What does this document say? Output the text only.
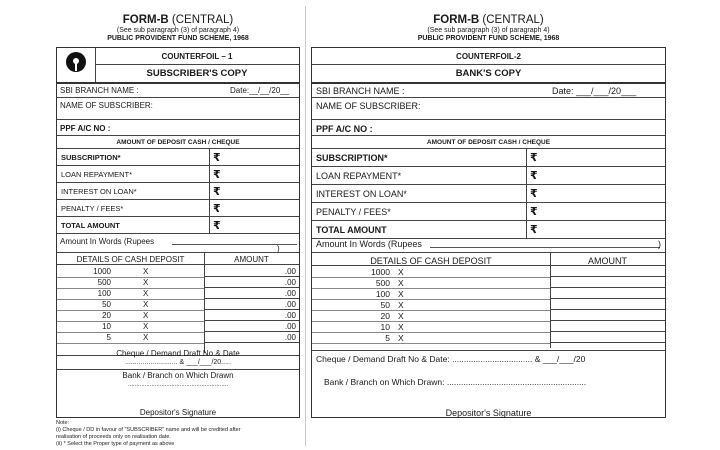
FORM-B (CENTRAL)
(See sub paragraph (3) of paragraph 4)
PUBLIC PROVIDENT FUND SCHEME, 1968
COUNTERFOIL – 1
SUBSCRIBER'S COPY
SBI BRANCH NAME :	Date:__/__/20__
NAME OF SUBSCRIBER:
PPF A/C NO :
AMOUNT OF DEPOSIT CASH / CHEQUE
Amount In Words (Rupees
)
DETAILS OF CASH DEPOSIT	AMOUNT
Cheque / Demand Draft No & Date
........................... & ___/___/20.....
Bank / Branch on Which Drawn
............................................................
Depositor's Signature
SUBSCRIPTION*	₹
LOAN REPAYMENT*	₹
INTEREST ON LOAN*	₹
PENALTY / FEES*	₹
TOTAL AMOUNT	₹
1000	X	.00
500	X	.00
100	X	.00
50	X	.00
20	X	.00
10	X	.00
5	X	.00
Note:
(i) Cheque / DD in favour of "SUBSCRIBER" name and will be credited after
realisation of proceeds only on realisation date.
(ii) * Select the Proper type of payment as above
FORM-B (CENTRAL)
(See sub paragraph (3) of paragraph 4)
PUBLIC PROVIDENT FUND SCHEME, 1968
COUNTERFOIL-2
BANK'S COPY
SBI BRANCH NAME :	Date: ___/___/20___
NAME OF SUBSCRIBER:
PPF A/C NO :
AMOUNT OF DEPOSIT CASH / CHEQUE
Amount In Words (Rupees	)
DETAILS OF CASH DEPOSIT	AMOUNT
Cheque / Demand Draft No & Date: .................................. & ___/___/20
Bank / Branch on Which Drawn: ...........................................................
Depositor's Signature
SUBSCRIPTION*	₹
LOAN REPAYMENT*	₹
INTEREST ON LOAN*	₹
PENALTY / FEES*	₹
TOTAL AMOUNT	₹
1000 X
500 X
100 X
50 X
20 X
10 X
5 X
